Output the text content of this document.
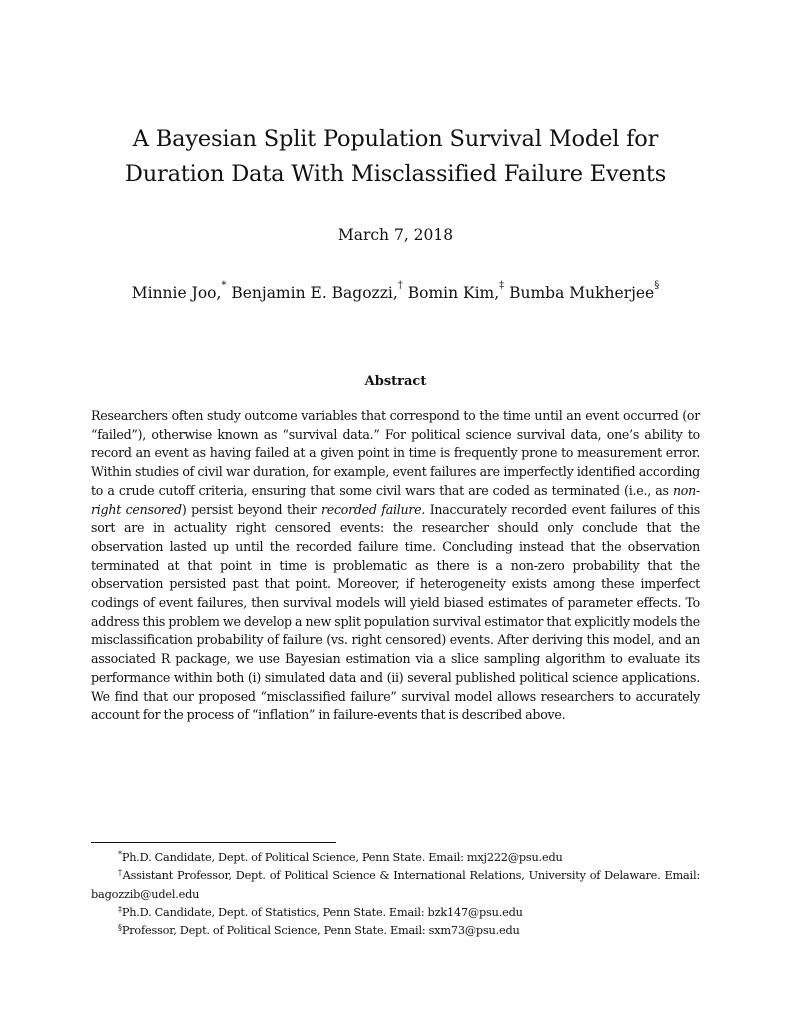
A Bayesian Split Population Survival Model for
Duration Data With Misclassified Failure Events
March 7, 2018
Minnie Joo,* Benjamin E. Bagozzi,† Bomin Kim,‡ Bumba Mukherjee§
Abstract
Researchers often study outcome variables that correspond to the time until an event occurred (or “failed”), otherwise known as “survival data.” For political science survival data, one’s ability to record an event as having failed at a given point in time is frequently prone to measurement error. Within studies of civil war duration, for example, event failures are imperfectly identified according to a crude cutoff criteria, ensuring that some civil wars that are coded as terminated (i.e., as non-right censored) persist beyond their recorded failure. Inaccurately recorded event failures of this sort are in actuality right censored events: the researcher should only conclude that the observation lasted up until the recorded failure time. Concluding instead that the observation terminated at that point in time is problematic as there is a non-zero probability that the observation persisted past that point. Moreover, if heterogeneity exists among these imperfect codings of event failures, then survival models will yield biased estimates of parameter effects. To address this problem we develop a new split population survival estimator that explicitly models the misclassification probability of failure (vs. right censored) events. After deriving this model, and an associated R package, we use Bayesian estimation via a slice sampling algorithm to evaluate its performance within both (i) simulated data and (ii) several published political science applications. We find that our proposed “misclassified failure” survival model allows researchers to accurately account for the process of “inflation” in failure-events that is described above.
*Ph.D. Candidate, Dept. of Political Science, Penn State. Email: mxj222@psu.edu
†Assistant Professor, Dept. of Political Science & International Relations, University of Delaware. Email: bagozzib@udel.edu
‡Ph.D. Candidate, Dept. of Statistics, Penn State. Email: bzk147@psu.edu
§Professor, Dept. of Political Science, Penn State. Email: sxm73@psu.edu
